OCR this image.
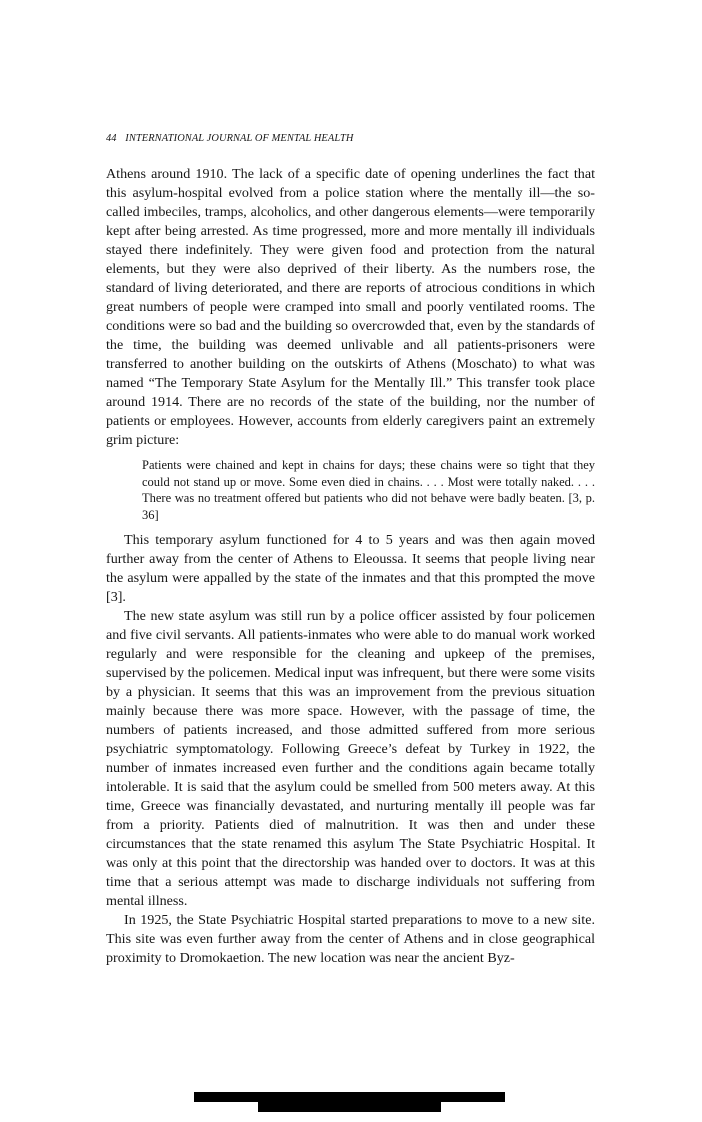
44 INTERNATIONAL JOURNAL OF MENTAL HEALTH

Athens around 1910. The lack of a specific date of opening underlines the fact that this asylum-hospital evolved from a police station where the mentally ill—the so-called imbeciles, tramps, alcoholics, and other dangerous elements—were temporarily kept after being arrested. As time progressed, more and more mentally ill individuals stayed there indefinitely. They were given food and protection from the natural elements, but they were also deprived of their liberty. As the numbers rose, the standard of living deteriorated, and there are reports of atrocious conditions in which great numbers of people were cramped into small and poorly ventilated rooms. The conditions were so bad and the building so overcrowded that, even by the standards of the time, the building was deemed unlivable and all patients-prisoners were transferred to another building on the outskirts of Athens (Moschato) to what was named “The Temporary State Asylum for the Mentally Ill.” This transfer took place around 1914. There are no records of the state of the building, nor the number of patients or employees. However, accounts from elderly caregivers paint an extremely grim picture:

Patients were chained and kept in chains for days; these chains were so tight that they could not stand up or move. Some even died in chains. . . . Most were totally naked. . . . There was no treatment offered but patients who did not behave were badly beaten. [3, p. 36]

This temporary asylum functioned for 4 to 5 years and was then again moved further away from the center of Athens to Eleoussa. It seems that people living near the asylum were appalled by the state of the inmates and that this prompted the move [3].

The new state asylum was still run by a police officer assisted by four policemen and five civil servants. All patients-inmates who were able to do manual work worked regularly and were responsible for the cleaning and upkeep of the premises, supervised by the policemen. Medical input was infrequent, but there were some visits by a physician. It seems that this was an improvement from the previous situation mainly because there was more space. However, with the passage of time, the numbers of patients increased, and those admitted suffered from more serious psychiatric symptomatology. Following Greece’s defeat by Turkey in 1922, the number of inmates increased even further and the conditions again became totally intolerable. It is said that the asylum could be smelled from 500 meters away. At this time, Greece was financially devastated, and nurturing mentally ill people was far from a priority. Patients died of malnutrition. It was then and under these circumstances that the state renamed this asylum The State Psychiatric Hospital. It was only at this point that the directorship was handed over to doctors. It was at this time that a serious attempt was made to discharge individuals not suffering from mental illness.

In 1925, the State Psychiatric Hospital started preparations to move to a new site. This site was even further away from the center of Athens and in close geographical proximity to Dromokaetion. The new location was near the ancient Byz-
